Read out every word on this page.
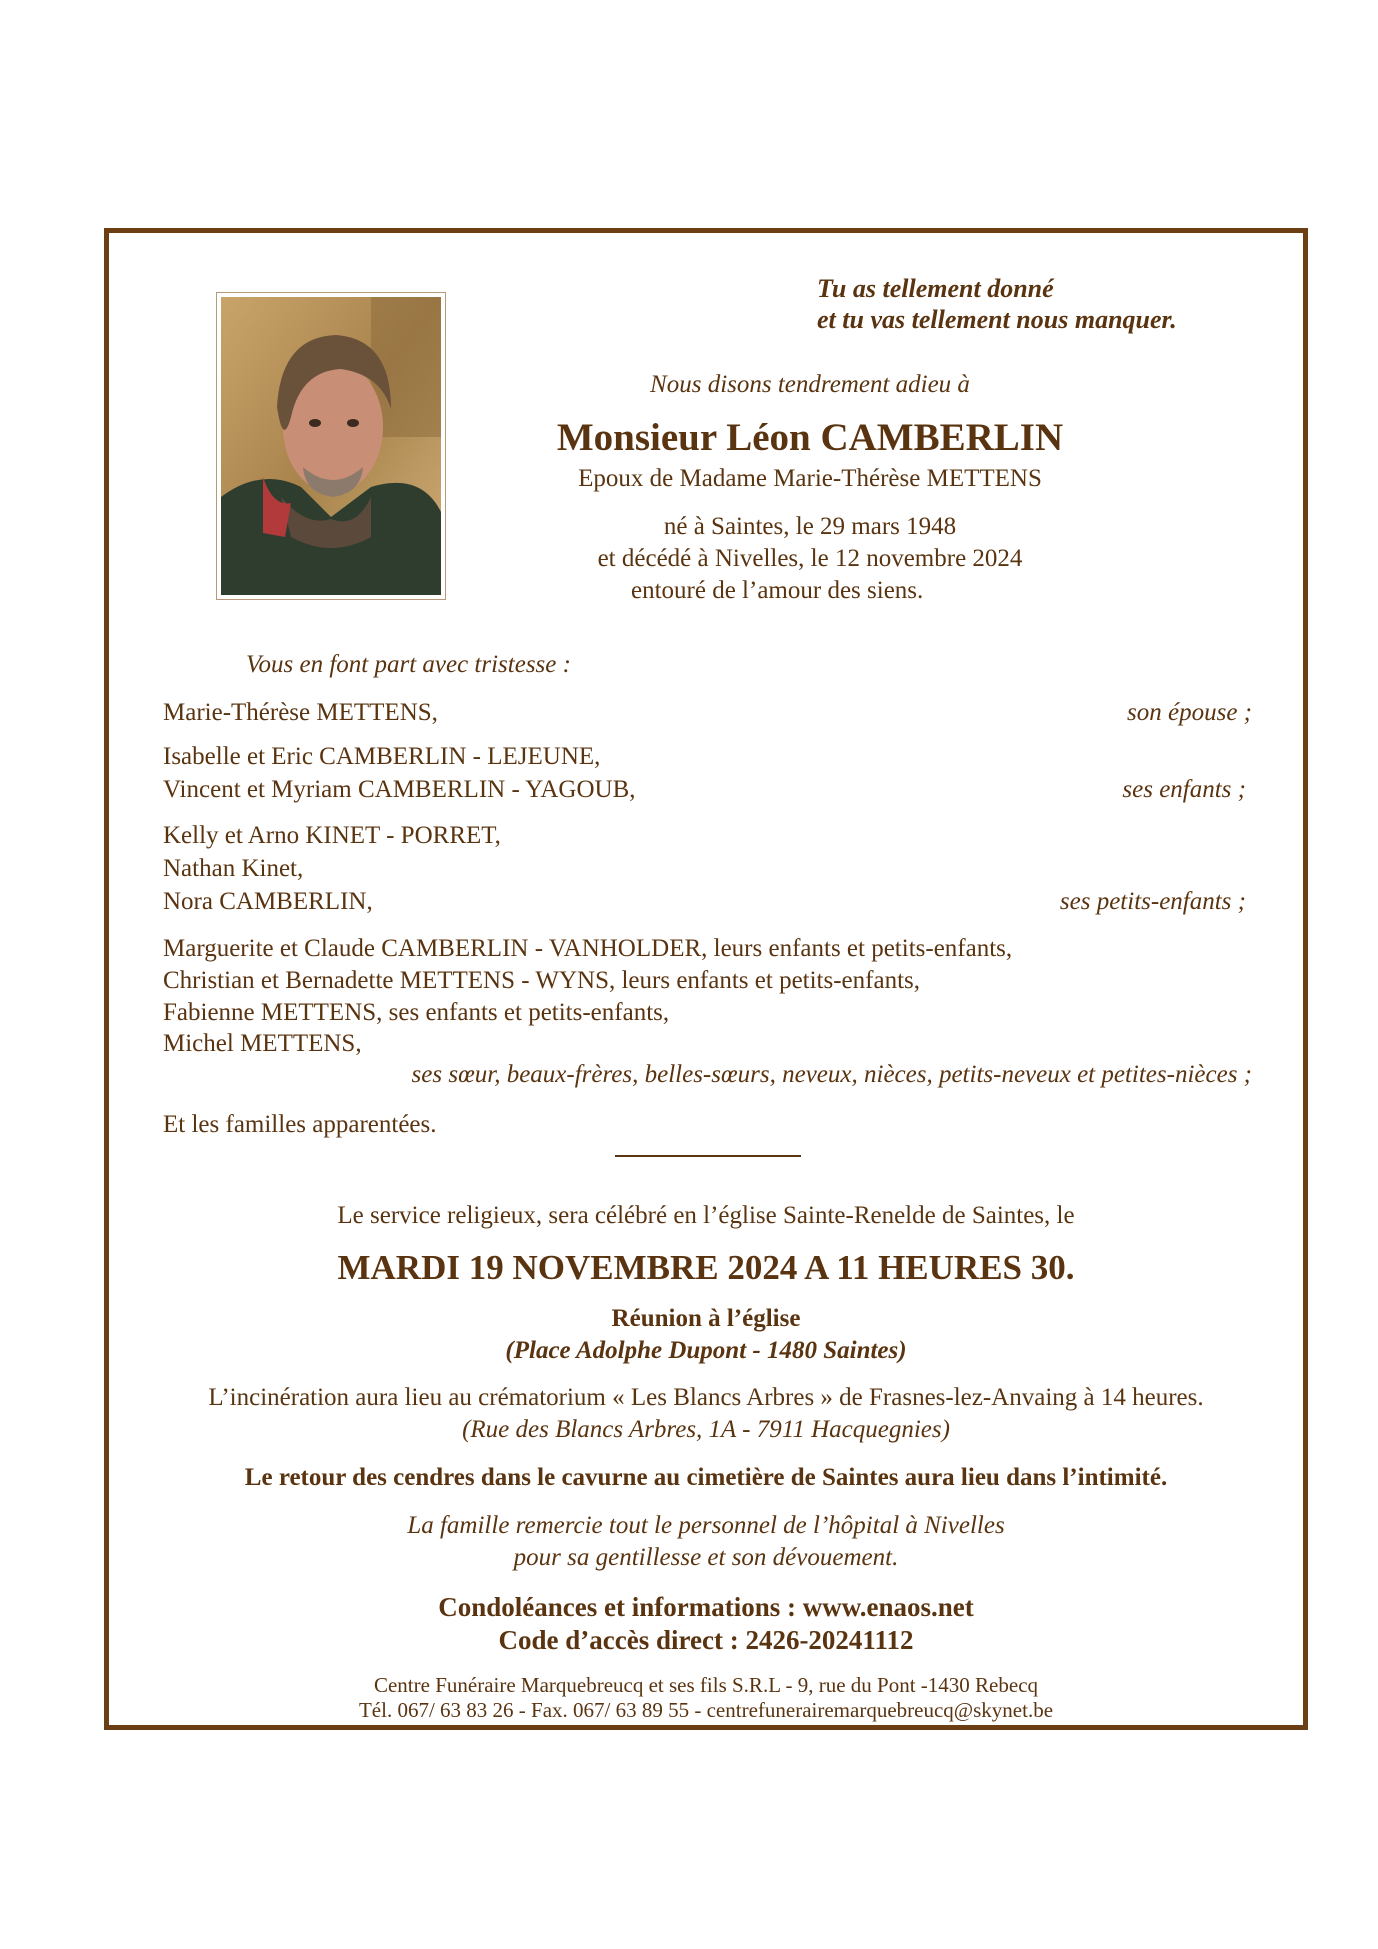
Tu as tellement donné
et tu vas tellement nous manquer.
Nous disons tendrement adieu à
Monsieur Léon CAMBERLIN
Epoux de Madame Marie-Thérèse METTENS
né à Saintes, le 29 mars 1948
et décédé à Nivelles, le 12 novembre 2024
entouré de l’amour des siens.
Vous en font part avec tristesse :
Marie-Thérèse METTENS,	son épouse ;
Isabelle et Eric CAMBERLIN - LEJEUNE,
Vincent et Myriam CAMBERLIN - YAGOUB,	ses enfants ;
Kelly et Arno KINET - PORRET,
Nathan Kinet,
Nora CAMBERLIN,	ses petits-enfants ;
Marguerite et Claude CAMBERLIN - VANHOLDER, leurs enfants et petits-enfants,
Christian et Bernadette METTENS - WYNS, leurs enfants et petits-enfants,
Fabienne METTENS, ses enfants et petits-enfants,
Michel METTENS,
ses sœur, beaux-frères, belles-sœurs, neveux, nièces, petits-neveux et petites-nièces ;
Et les familles apparentées.
Le service religieux, sera célébré en l’église Sainte-Renelde de Saintes, le
MARDI 19 NOVEMBRE 2024 A 11 HEURES 30.
Réunion à l’église
(Place Adolphe Dupont - 1480 Saintes)
L’incinération aura lieu au crématorium « Les Blancs Arbres » de Frasnes-lez-Anvaing à 14 heures.
(Rue des Blancs Arbres, 1A - 7911 Hacquegnies)
Le retour des cendres dans le cavurne au cimetière de Saintes aura lieu dans l’intimité.
La famille remercie tout le personnel de l’hôpital à Nivelles
pour sa gentillesse et son dévouement.
Condoléances et informations : www.enaos.net
Code d’accès direct : 2426-20241112
Centre Funéraire Marquebreucq et ses fils S.R.L - 9, rue du Pont -1430 Rebecq
Tél. 067/ 63 83 26 - Fax. 067/ 63 89 55 - centrefunerairemarquebreucq@skynet.be
